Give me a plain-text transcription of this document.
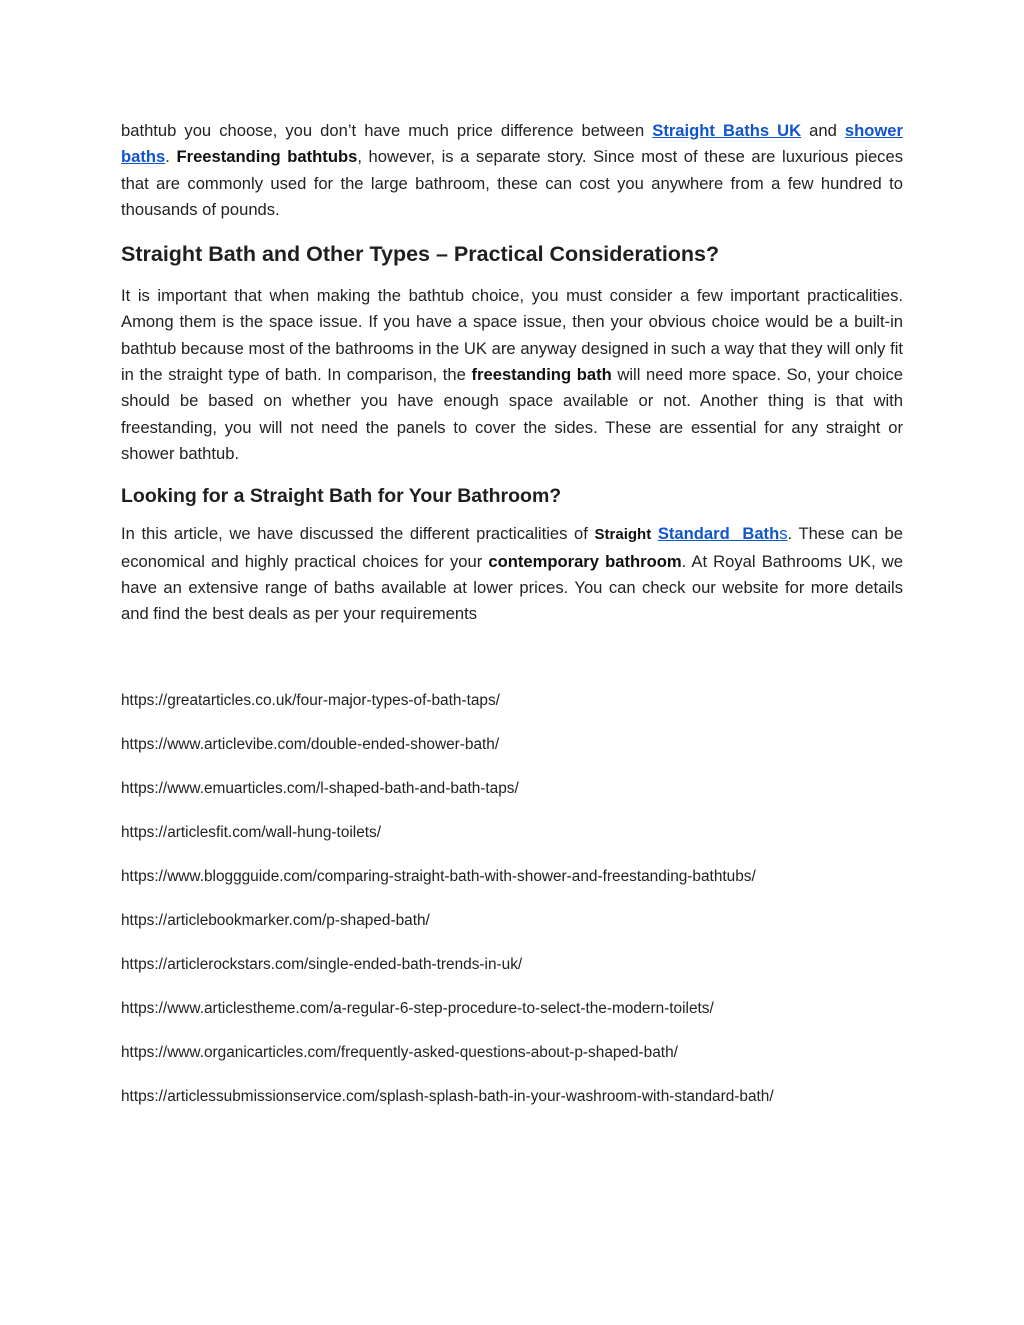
bathtub you choose, you don’t have much price difference between Straight Baths UK and shower baths. Freestanding bathtubs, however, is a separate story. Since most of these are luxurious pieces that are commonly used for the large bathroom, these can cost you anywhere from a few hundred to thousands of pounds.

Straight Bath and Other Types – Practical Considerations?

It is important that when making the bathtub choice, you must consider a few important practicalities. Among them is the space issue. If you have a space issue, then your obvious choice would be a built-in bathtub because most of the bathrooms in the UK are anyway designed in such a way that they will only fit in the straight type of bath. In comparison, the freestanding bath will need more space. So, your choice should be based on whether you have enough space available or not. Another thing is that with freestanding, you will not need the panels to cover the sides. These are essential for any straight or shower bathtub.

Looking for a Straight Bath for Your Bathroom?

In this article, we have discussed the different practicalities of Straight Standard Baths. These can be economical and highly practical choices for your contemporary bathroom. At Royal Bathrooms UK, we have an extensive range of baths available at lower prices. You can check our website for more details and find the best deals as per your requirements

https://greatarticles.co.uk/four-major-types-of-bath-taps/
https://www.articlevibe.com/double-ended-shower-bath/
https://www.emuarticles.com/l-shaped-bath-and-bath-taps/
https://articlesfit.com/wall-hung-toilets/
https://www.bloggguide.com/comparing-straight-bath-with-shower-and-freestanding-bathtubs/
https://articlebookmarker.com/p-shaped-bath/
https://articlerockstars.com/single-ended-bath-trends-in-uk/
https://www.articlestheme.com/a-regular-6-step-procedure-to-select-the-modern-toilets/
https://www.organicarticles.com/frequently-asked-questions-about-p-shaped-bath/
https://articlessubmissionservice.com/splash-splash-bath-in-your-washroom-with-standard-bath/
